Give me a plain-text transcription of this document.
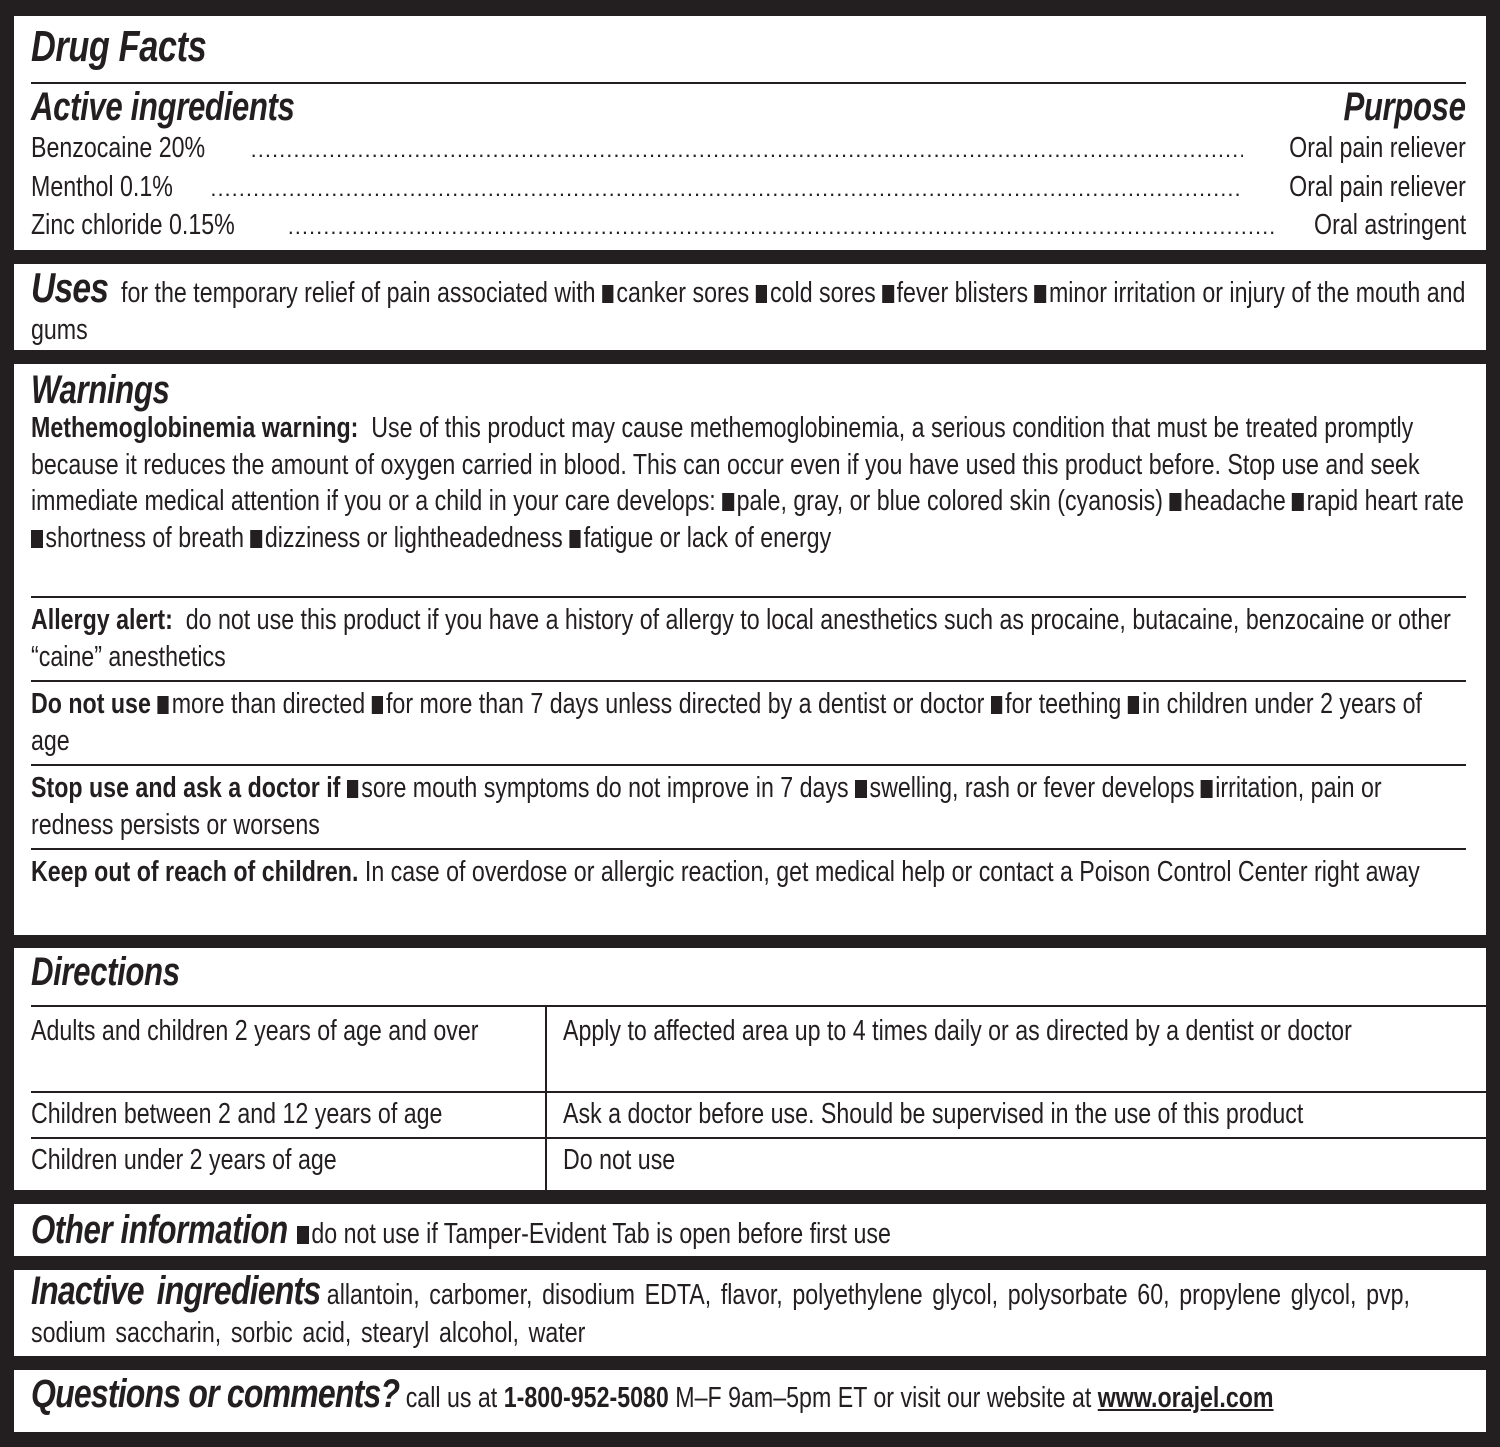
Drug Facts
Active ingredients	Purpose
Benzocaine 20% .....	Oral pain reliever
Menthol 0.1% .....	Oral pain reliever
Zinc chloride 0.15% .....	Oral astringent
Uses for the temporary relief of pain associated with canker sores cold sores fever blisters minor irritation or injury of the mouth and gums
Warnings
Methemoglobinemia warning: Use of this product may cause methemoglobinemia, a serious condition that must be treated promptly because it reduces the amount of oxygen carried in blood. This can occur even if you have used this product before. Stop use and seek immediate medical attention if you or a child in your care develops: pale, gray, or blue colored skin (cyanosis) headache rapid heart rate shortness of breath dizziness or lightheadedness fatigue or lack of energy
Allergy alert: do not use this product if you have a history of allergy to local anesthetics such as procaine, butacaine, benzocaine or other “caine” anesthetics
Do not use more than directed for more than 7 days unless directed by a dentist or doctor for teething in children under 2 years of age
Stop use and ask a doctor if sore mouth symptoms do not improve in 7 days swelling, rash or fever develops irritation, pain or redness persists or worsens
Keep out of reach of children. In case of overdose or allergic reaction, get medical help or contact a Poison Control Center right away
Directions
Adults and children 2 years of age and over	Apply to affected area up to 4 times daily or as directed by a dentist or doctor

Children between 2 and 12 years of age	Ask a doctor before use. Should be supervised in the use of this product

Children under 2 years of age	Do not use
Other information do not use if Tamper-Evident Tab is open before first use
Inactive ingredients allantoin, carbomer, disodium EDTA, flavor, polyethylene glycol, polysorbate 60, propylene glycol, pvp, sodium saccharin, sorbic acid, stearyl alcohol, water
Questions or comments? call us at 1-800-952-5080 M–F 9am–5pm ET or visit our website at www.orajel.com
